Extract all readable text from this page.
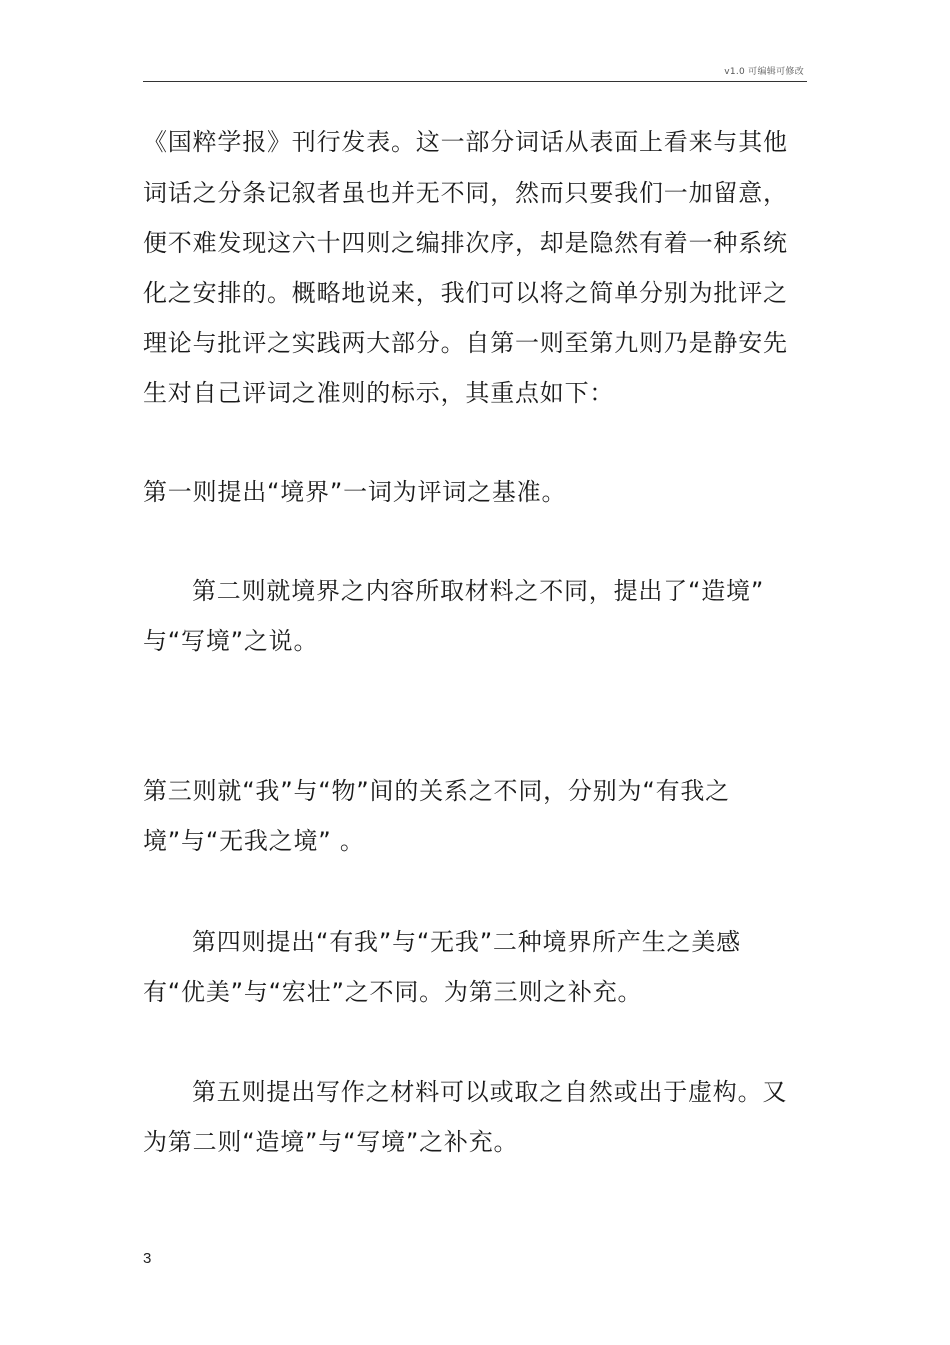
v1.0 可编辑可修改
《国粹学报》刊行发表。这一部分词话从表面上看来与其他
词话之分条记叙者虽也并无不同，然而只要我们一加留意，
便不难发现这六十四则之编排次序，却是隐然有着一种系统
化之安排的。概略地说来，我们可以将之简单分别为批评之
理论与批评之实践两大部分。自第一则至第九则乃是静安先
生对自己评词之准则的标示，其重点如下：
第一则提出“境界”一词为评词之基准。
第二则就境界之内容所取材料之不同，提出了“造境”
与“写境”之说。
第三则就“我”与“物”间的关系之不同，分别为“有我之
境”与“无我之境” 。
第四则提出“有我”与“无我”二种境界所产生之美感
有“优美”与“宏壮”之不同。为第三则之补充。
第五则提出写作之材料可以或取之自然或出于虚构。又
为第二则“造境”与“写境”之补充。
3
